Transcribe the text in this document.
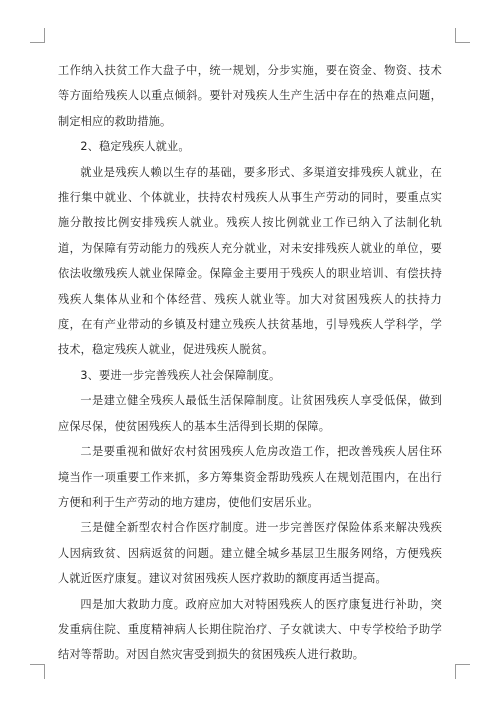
工作纳入扶贫工作大盘子中，统一规划，分步实施，要在资金、物资、技术等方面给残疾人以重点倾斜。要针对残疾人生产生活中存在的热难点问题，制定相应的救助措施。

2、稳定残疾人就业。

就业是残疾人赖以生存的基础，要多形式、多渠道安排残疾人就业，在推行集中就业、个体就业，扶持农村残疾人从事生产劳动的同时，要重点实施分散按比例安排残疾人就业。残疾人按比例就业工作已纳入了法制化轨道，为保障有劳动能力的残疾人充分就业，对未安排残疾人就业的单位，要依法收缴残疾人就业保障金。保障金主要用于残疾人的职业培训、有偿扶持残疾人集体从业和个体经营、残疾人就业等。加大对贫困残疾人的扶持力度，在有产业带动的乡镇及村建立残疾人扶贫基地，引导残疾人学科学，学技术，稳定残疾人就业，促进残疾人脱贫。

3、要进一步完善残疾人社会保障制度。

一是建立健全残疾人最低生活保障制度。让贫困残疾人享受低保，做到应保尽保，使贫困残疾人的基本生活得到长期的保障。

二是要重视和做好农村贫困残疾人危房改造工作，把改善残疾人居住环境当作一项重要工作来抓，多方筹集资金帮助残疾人在规划范围内，在出行方便和利于生产劳动的地方建房，使他们安居乐业。

三是健全新型农村合作医疗制度。进一步完善医疗保险体系来解决残疾人因病致贫、因病返贫的问题。建立健全城乡基层卫生服务网络，方便残疾人就近医疗康复。建议对贫困残疾人医疗救助的额度再适当提高。

四是加大救助力度。政府应加大对特困残疾人的医疗康复进行补助，突发重病住院、重度精神病人长期住院治疗、子女就读大、中专学校给予助学结对等帮助。对因自然灾害受到损失的贫困残疾人进行救助。
